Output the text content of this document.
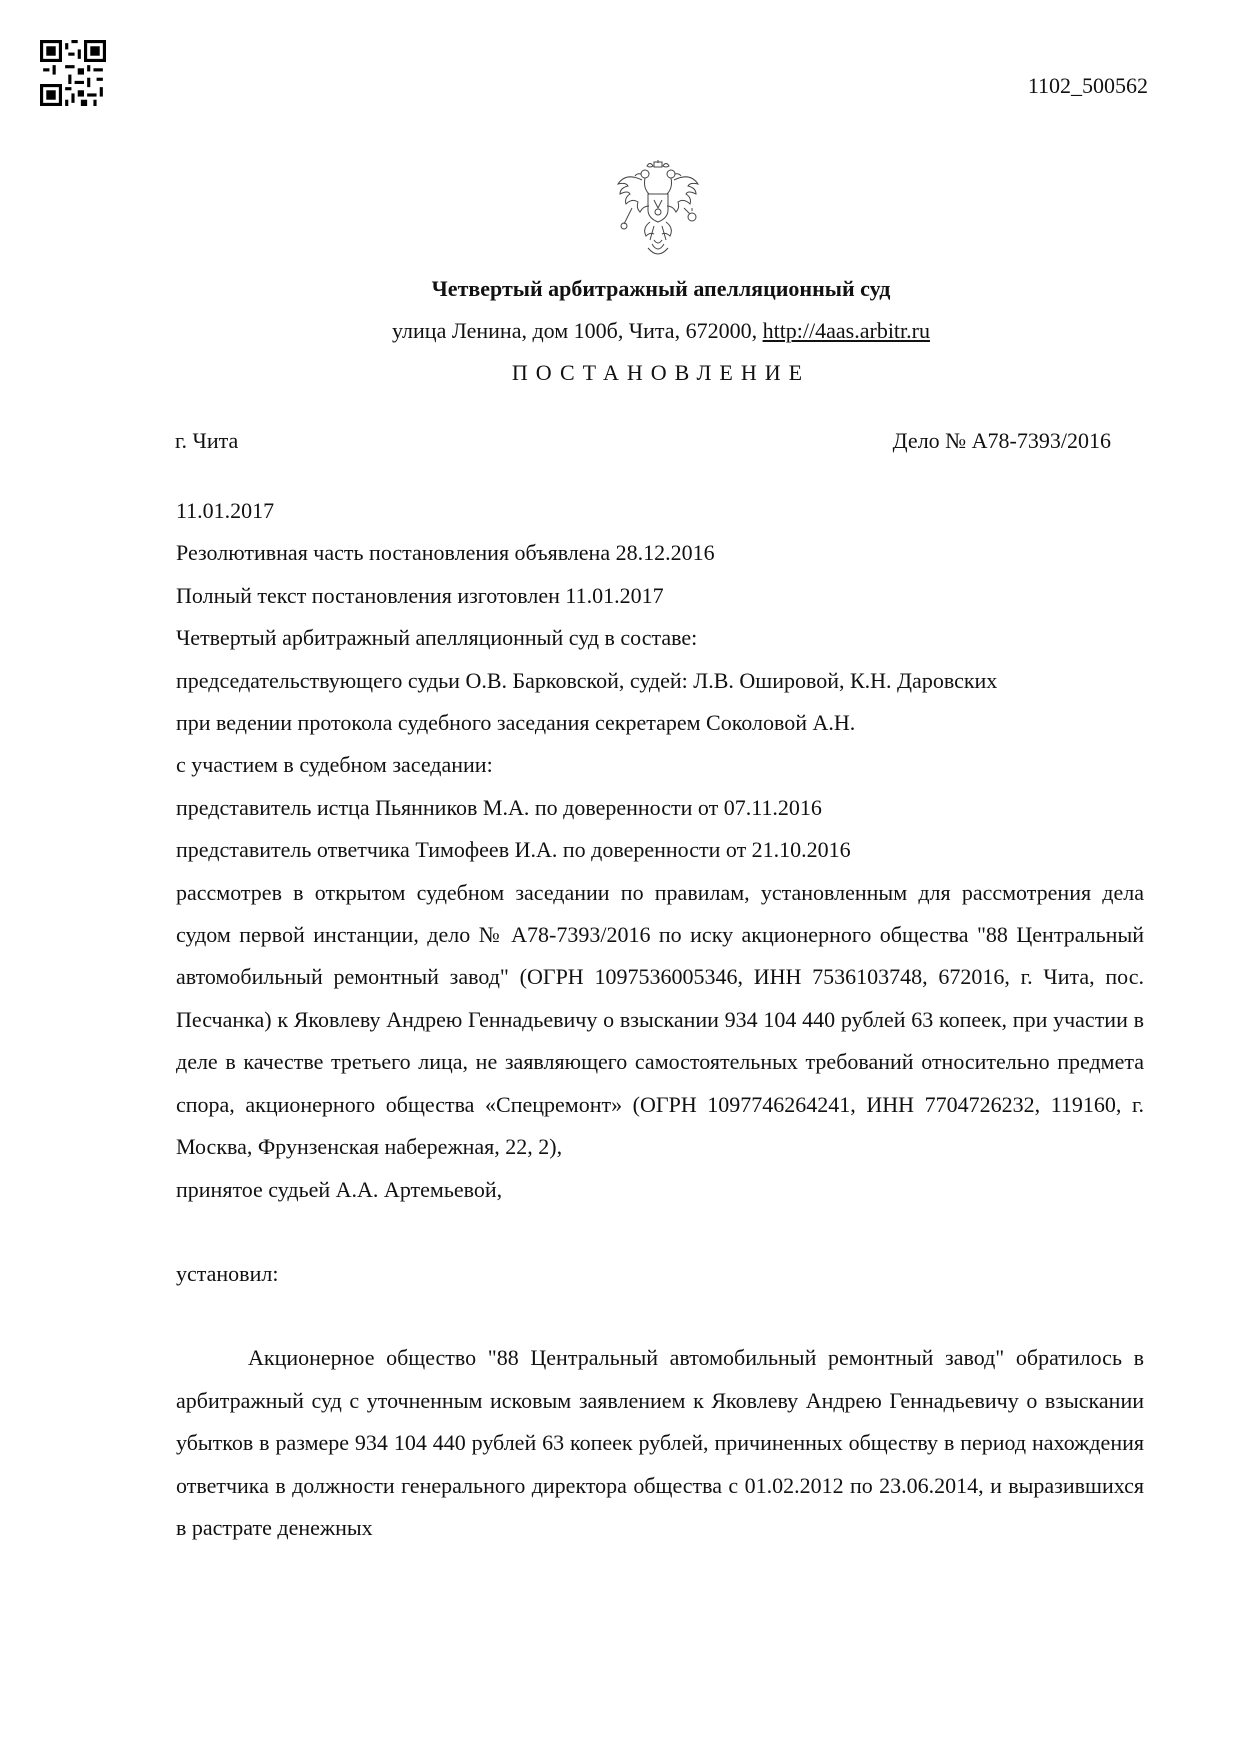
1102_500562
Четвертый арбитражный апелляционный суд
улица Ленина, дом 100б, Чита, 672000, http://4aas.arbitr.ru
ПОСТАНОВЛЕНИЕ
г. Чита	Дело № А78-7393/2016

11.01.2017

Резолютивная часть постановления объявлена 28.12.2016

Полный текст постановления изготовлен 11.01.2017

Четвертый арбитражный апелляционный суд в составе:

председательствующего судьи О.В. Барковской, судей: Л.В. Ошировой, К.Н. Даровских

при ведении протокола судебного заседания секретарем Соколовой А.Н.

с участием в судебном заседании:

представитель истца Пьянников М.А. по доверенности от 07.11.2016

представитель ответчика Тимофеев И.А. по доверенности от 21.10.2016

рассмотрев в открытом судебном заседании по правилам, установленным для рассмотрения дела судом первой инстанции, дело № А78-7393/2016 по иску акционерного общества "88 Центральный автомобильный ремонтный завод" (ОГРН 1097536005346, ИНН 7536103748, 672016, г. Чита, пос. Песчанка) к Яковлеву Андрею Геннадьевичу о взыскании 934 104 440 рублей 63 копеек, при участии в деле в качестве третьего лица, не заявляющего самостоятельных требований относительно предмета спора, акционерного общества «Спецремонт» (ОГРН 1097746264241, ИНН 7704726232, 119160, г. Москва, Фрунзенская набережная, 22, 2),

принятое судьей А.А. Артемьевой,

установил:

Акционерное общество "88 Центральный автомобильный ремонтный завод" обратилось в арбитражный суд с уточненным исковым заявлением к Яковлеву Андрею Геннадьевичу о взыскании убытков в размере 934 104 440 рублей 63 копеек рублей, причиненных обществу в период нахождения ответчика в должности генерального директора общества с 01.02.2012 по 23.06.2014, и выразившихся в растрате денежных
